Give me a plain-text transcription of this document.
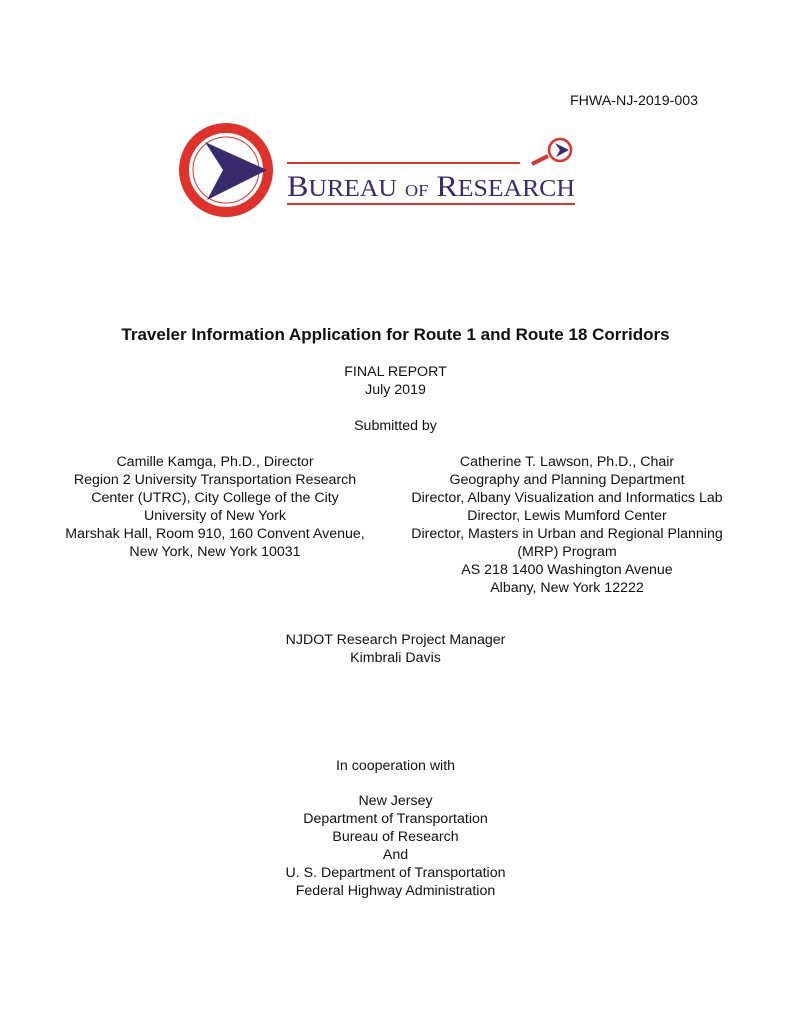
FHWA-NJ-2019-003
BUREAU OF RESEARCH
Traveler Information Application for Route 1 and Route 18 Corridors
FINAL REPORT
July 2019
Submitted by
Camille Kamga, Ph.D., Director
Region 2 University Transportation Research
Center (UTRC), City College of the City
University of New York
Marshak Hall, Room 910, 160 Convent Avenue,
New York, New York 10031
Catherine T. Lawson, Ph.D., Chair
Geography and Planning Department
Director, Albany Visualization and Informatics Lab
Director, Lewis Mumford Center
Director, Masters in Urban and Regional Planning
(MRP) Program
AS 218 1400 Washington Avenue
Albany, New York 12222
NJDOT Research Project Manager
Kimbrali Davis
In cooperation with
New Jersey
Department of Transportation
Bureau of Research
And
U. S. Department of Transportation
Federal Highway Administration
